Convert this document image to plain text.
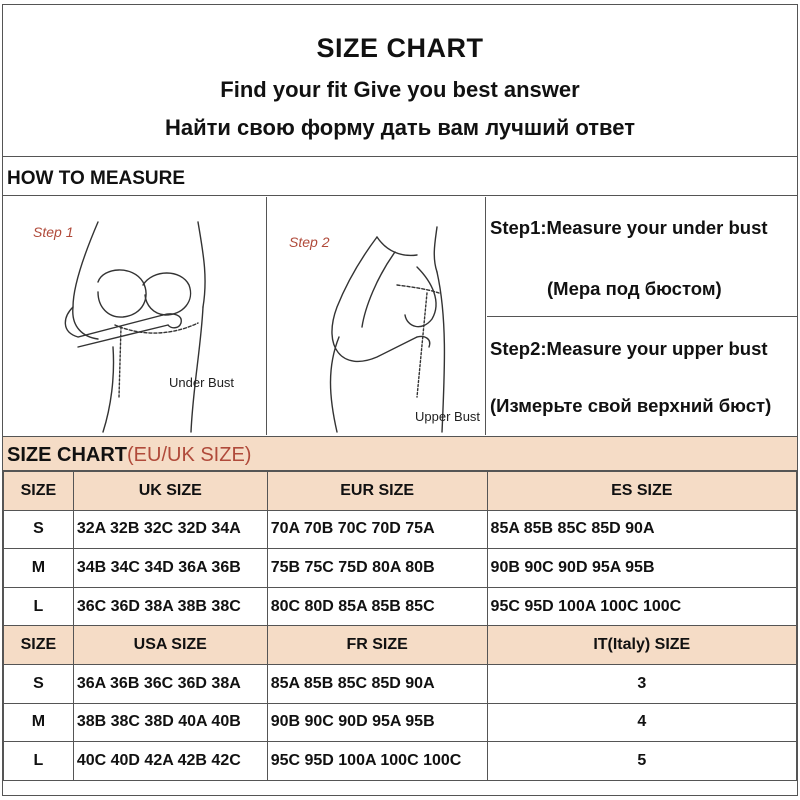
SIZE CHART
Find your fit Give you best answer
Найти свою форму дать вам лучший ответ
HOW TO MEASURE
Step 1
Under Bust
Step 2
Upper Bust
Step1:Measure your under bust
(Мера под бюстом)
Step2:Measure your upper bust
(Измерьте свой верхний бюст)
SIZE CHART(EU/UK SIZE)
SIZE	UK SIZE	EUR SIZE	ES SIZE
S	32A 32B 32C 32D 34A	70A 70B 70C 70D 75A	85A 85B 85C 85D 90A
M	34B 34C 34D 36A 36B	75B 75C 75D 80A 80B	90B 90C 90D 95A 95B
L	36C 36D 38A 38B 38C	80C 80D 85A 85B 85C	95C 95D 100A 100C 100C
SIZE	USA SIZE	FR SIZE	IT(Italy) SIZE
S	36A 36B 36C 36D 38A	85A 85B 85C 85D 90A	3
M	38B 38C 38D 40A 40B	90B 90C 90D 95A 95B	4
L	40C 40D 42A 42B 42C	95C 95D 100A 100C 100C	5
